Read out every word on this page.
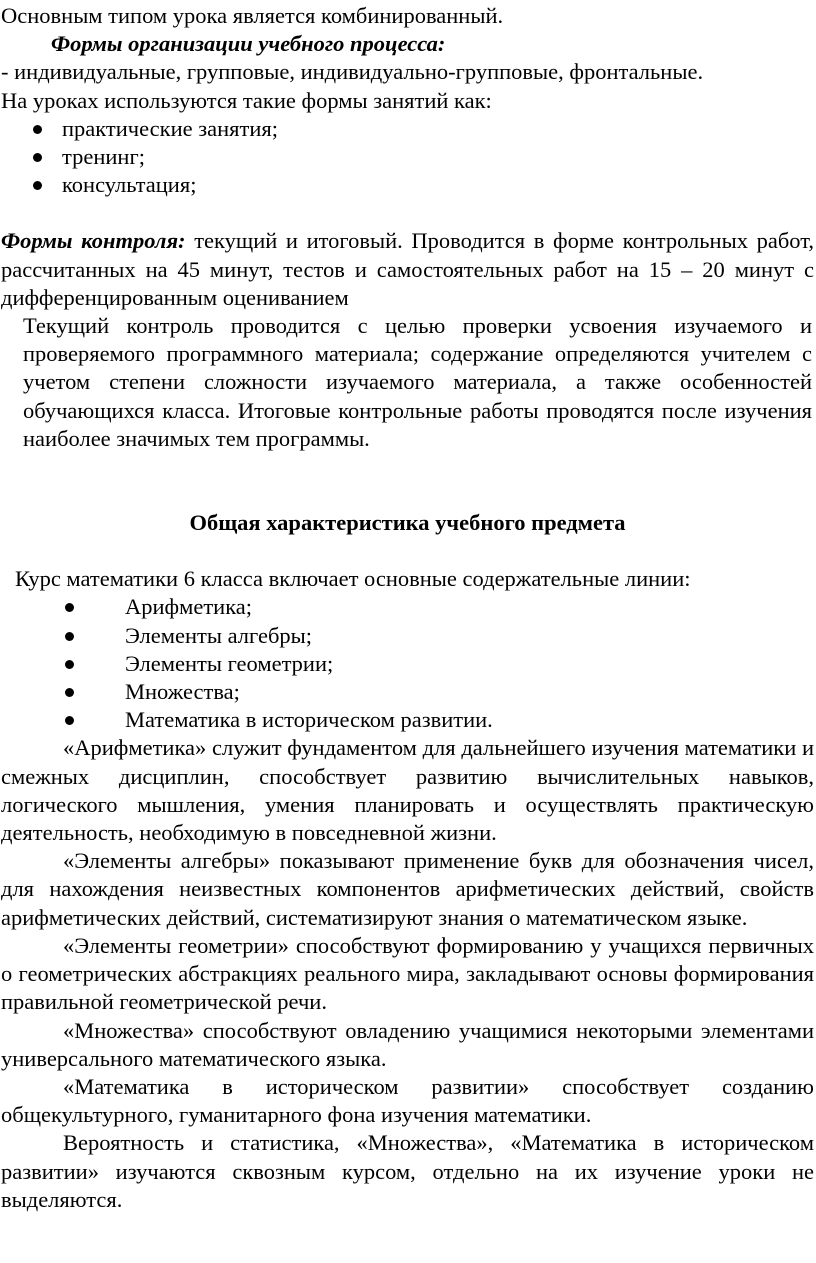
Основным типом урока является комбинированный.

Формы организации учебного процесса:

- индивидуальные, групповые, индивидуально-групповые, фронтальные.

На уроках используются такие формы занятий как:

практические занятия;
тренинг;
консультация;

Формы контроля: текущий и итоговый. Проводится в форме контрольных работ, рассчитанных на 45 минут, тестов и самостоятельных работ на 15 – 20 минут с дифференцированным оцениванием

Текущий контроль проводится с целью проверки усвоения изучаемого и проверяемого программного материала; содержание определяются учителем с учетом степени сложности изучаемого материала, а также особенностей обучающихся класса. Итоговые контрольные работы проводятся после изучения наиболее значимых тем программы.

Общая характеристика учебного предмета

Курс математики 6 класса включает основные содержательные линии:

Арифметика;
Элементы алгебры;
Элементы геометрии;
Множества;
Математика в историческом развитии.

«Арифметика» служит фундаментом для дальнейшего изучения математики и смежных дисциплин, способствует развитию вычислительных навыков, логического мышления, умения планировать и осуществлять практическую деятельность, необходимую в повседневной жизни.

«Элементы алгебры» показывают применение букв для обозначения чисел, для нахождения неизвестных компонентов арифметических действий, свойств арифметических действий, систематизируют знания о математическом языке.

«Элементы геометрии» способствуют формированию у учащихся первичных о геометрических абстракциях реального мира, закладывают основы формирования правильной геометрической речи.

«Множества» способствуют овладению учащимися некоторыми элементами универсального математического языка.

«Математика в историческом развитии» способствует созданию общекультурного, гуманитарного фона изучения математики.

Вероятность и статистика, «Множества», «Математика в историческом развитии» изучаются сквозным курсом, отдельно на их изучение уроки не выделяются.
